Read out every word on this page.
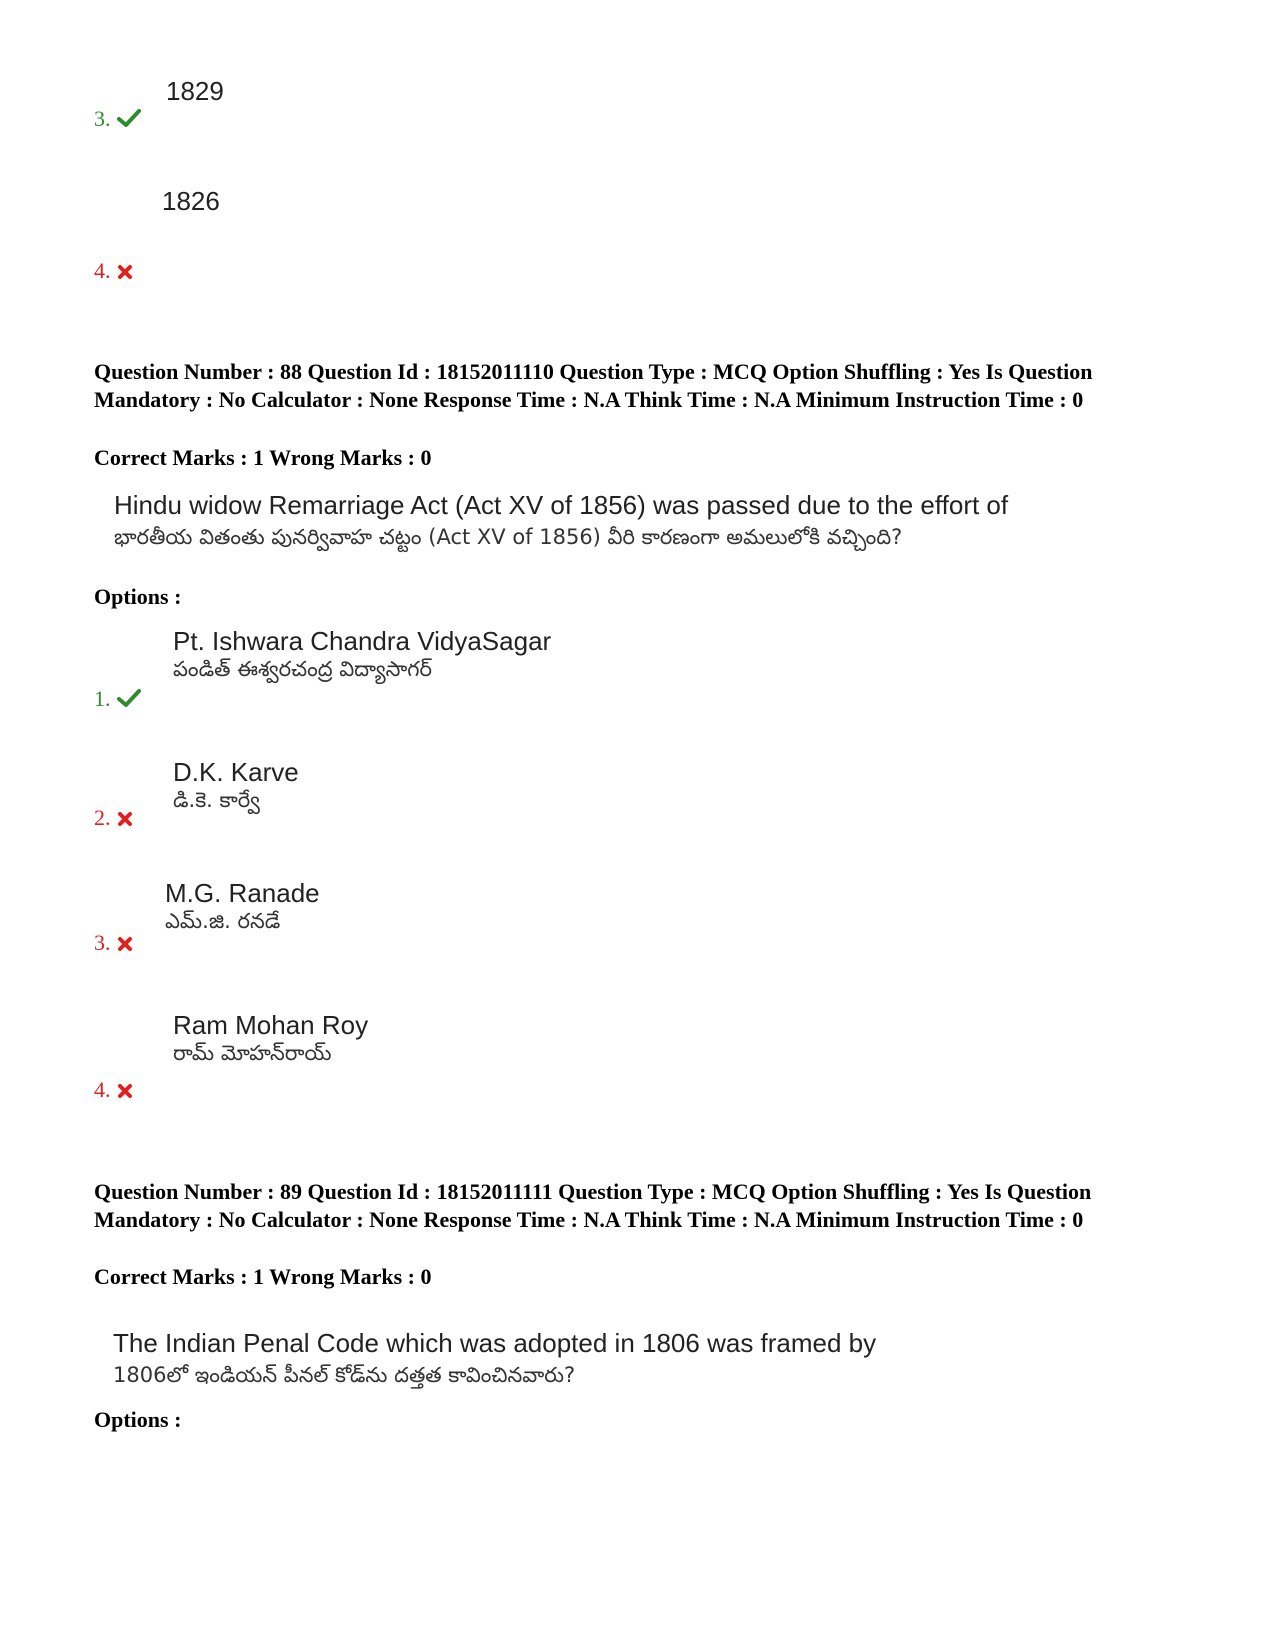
1829
3.
1826
4.
Question Number : 88 Question Id : 18152011110 Question Type : MCQ Option Shuffling : Yes Is Question Mandatory : No Calculator : None Response Time : N.A Think Time : N.A Minimum Instruction Time : 0
Correct Marks : 1 Wrong Marks : 0
Hindu widow Remarriage Act (Act XV of 1856) was passed due to the effort of
భారతీయ వితంతు పునర్వివాహ చట్టం (Act XV of 1856) వీరి కారణంగా అమలులోకి వచ్చింది?
Options :
Pt. Ishwara Chandra VidyaSagar
పండిత్ ఈశ్వరచంద్ర విద్యాసాగర్
1.
D.K. Karve
డి.కె. కార్వే
2.
M.G. Ranade
ఎమ్.జి. రనడే
3.
Ram Mohan Roy
రామ్ మోహన్‌రాయ్
4.
Question Number : 89 Question Id : 18152011111 Question Type : MCQ Option Shuffling : Yes Is Question Mandatory : No Calculator : None Response Time : N.A Think Time : N.A Minimum Instruction Time : 0
Correct Marks : 1 Wrong Marks : 0
The Indian Penal Code which was adopted in 1806 was framed by
1806లో ఇండియన్ పీనల్ కోడ్‌ను దత్తత కావించినవారు?
Options :
